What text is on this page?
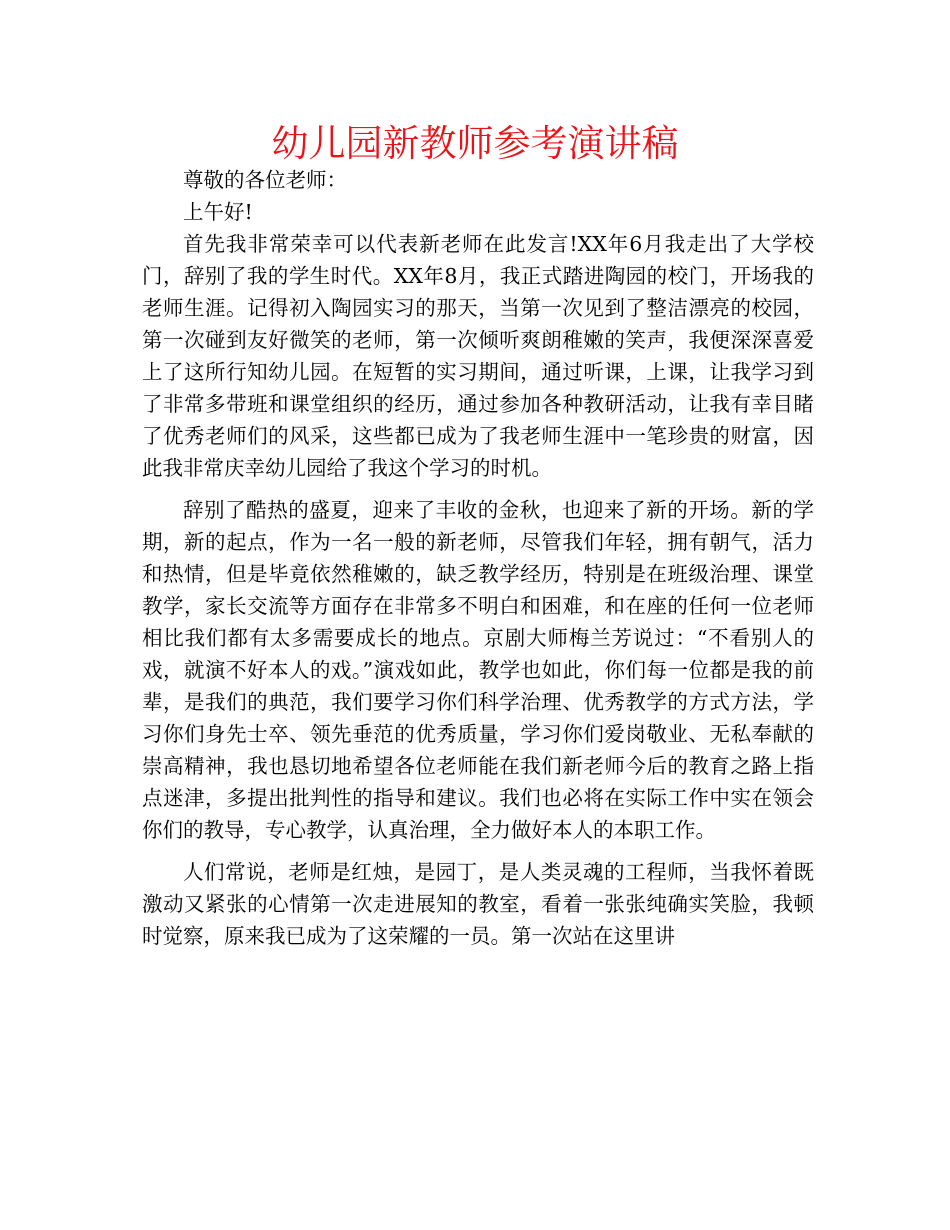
幼儿园新教师参考演讲稿

尊敬的各位老师：

上午好!

首先我非常荣幸可以代表新老师在此发言!XX年6月我走出了大学校门，辞别了我的学生时代。XX年8月，我正式踏进陶园的校门，开场我的老师生涯。记得初入陶园实习的那天，当第一次见到了整洁漂亮的校园，第一次碰到友好微笑的老师，第一次倾听爽朗稚嫩的笑声，我便深深喜爱上了这所行知幼儿园。在短暂的实习期间，通过听课，上课，让我学习到了非常多带班和课堂组织的经历，通过参加各种教研活动，让我有幸目睹了优秀老师们的风采，这些都已成为了我老师生涯中一笔珍贵的财富，因此我非常庆幸幼儿园给了我这个学习的时机。

辞别了酷热的盛夏，迎来了丰收的金秋，也迎来了新的开场。新的学期，新的起点，作为一名一般的新老师，尽管我们年轻，拥有朝气，活力和热情，但是毕竟依然稚嫩的，缺乏教学经历，特别是在班级治理、课堂教学，家长交流等方面存在非常多不明白和困难，和在座的任何一位老师相比我们都有太多需要成长的地点。京剧大师梅兰芳说过：“不看别人的戏，就演不好本人的戏。”演戏如此，教学也如此，你们每一位都是我的前辈，是我们的典范，我们要学习你们科学治理、优秀教学的方式方法，学习你们身先士卒、领先垂范的优秀质量，学习你们爱岗敬业、无私奉献的崇高精神，我也恳切地希望各位老师能在我们新老师今后的教育之路上指点迷津，多提出批判性的指导和建议。我们也必将在实际工作中实在领会你们的教导，专心教学，认真治理，全力做好本人的本职工作。

人们常说，老师是红烛，是园丁，是人类灵魂的工程师，当我怀着既激动又紧张的心情第一次走进展知的教室，看着一张张纯确实笑脸，我顿时觉察，原来我已成为了这荣耀的一员。第一次站在这里讲
